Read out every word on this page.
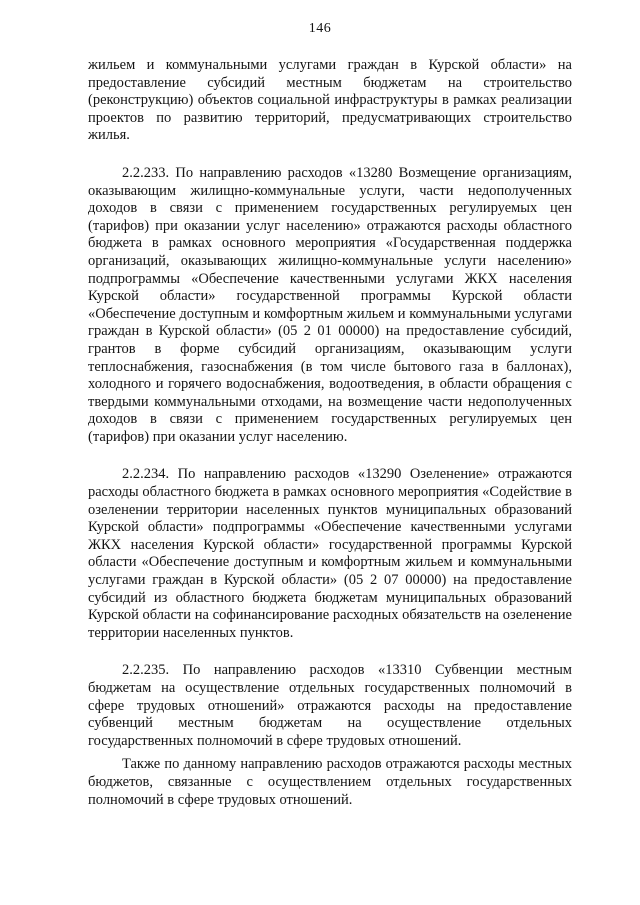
146

жильем и коммунальными услугами граждан в Курской области» на предоставление субсидий местным бюджетам на строительство (реконструкцию) объектов социальной инфраструктуры в рамках реализации проектов по развитию территорий, предусматривающих строительство жилья.

2.2.233. По направлению расходов «13280 Возмещение организациям, оказывающим жилищно-коммунальные услуги, части недополученных доходов в связи с применением государственных регулируемых цен (тарифов) при оказании услуг населению» отражаются расходы областного бюджета в рамках основного мероприятия «Государственная поддержка организаций, оказывающих жилищно-коммунальные услуги населению» подпрограммы «Обеспечение качественными услугами ЖКХ населения Курской области» государственной программы Курской области «Обеспечение доступным и комфортным жильем и коммунальными услугами граждан в Курской области» (05 2 01 00000) на предоставление субсидий, грантов в форме субсидий организациям, оказывающим услуги теплоснабжения, газоснабжения (в том числе бытового газа в баллонах), холодного и горячего водоснабжения, водоотведения, в области обращения с твердыми коммунальными отходами, на возмещение части недополученных доходов в связи с применением государственных регулируемых цен (тарифов) при оказании услуг населению.

2.2.234. По направлению расходов «13290 Озеленение» отражаются расходы областного бюджета в рамках основного мероприятия «Содействие в озеленении территории населенных пунктов муниципальных образований Курской области» подпрограммы «Обеспечение качественными услугами ЖКХ населения Курской области» государственной программы Курской области «Обеспечение доступным и комфортным жильем и коммунальными услугами граждан в Курской области» (05 2 07 00000) на предоставление субсидий из областного бюджета бюджетам муниципальных образований Курской области на софинансирование расходных обязательств на озеленение территории населенных пунктов.

2.2.235. По направлению расходов «13310 Субвенции местным бюджетам на осуществление отдельных государственных полномочий в сфере трудовых отношений» отражаются расходы на предоставление субвенций местным бюджетам на осуществление отдельных государственных полномочий в сфере трудовых отношений.

Также по данному направлению расходов отражаются расходы местных бюджетов, связанные с осуществлением отдельных государственных полномочий в сфере трудовых отношений.
